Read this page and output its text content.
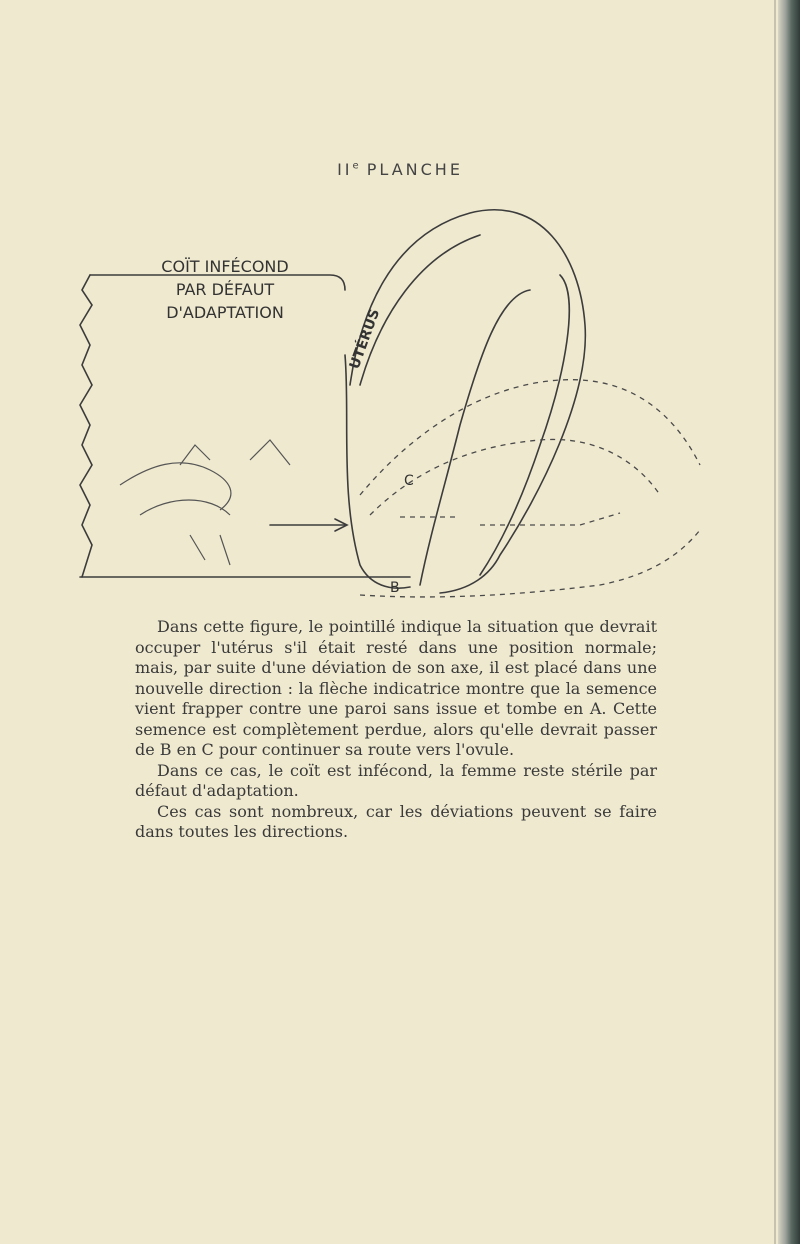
IIe PLANCHE
COÏT INFÉCOND
PAR DÉFAUT
D'ADAPTATION	UTÉRUS
C
B

Dans cette figure, le pointillé indique la situation que devrait occuper l'utérus s'il était resté dans une position normale; mais, par suite d'une déviation de son axe, il est placé dans une nouvelle direction : la flèche indicatrice montre que la semence vient frapper contre une paroi sans issue et tombe en A. Cette semence est complètement perdue, alors qu'elle devrait passer de B en C pour continuer sa route vers l'ovule.

Dans ce cas, le coït est infécond, la femme reste stérile par défaut d'adaptation.

Ces cas sont nombreux, car les déviations peuvent se faire dans toutes les directions.
